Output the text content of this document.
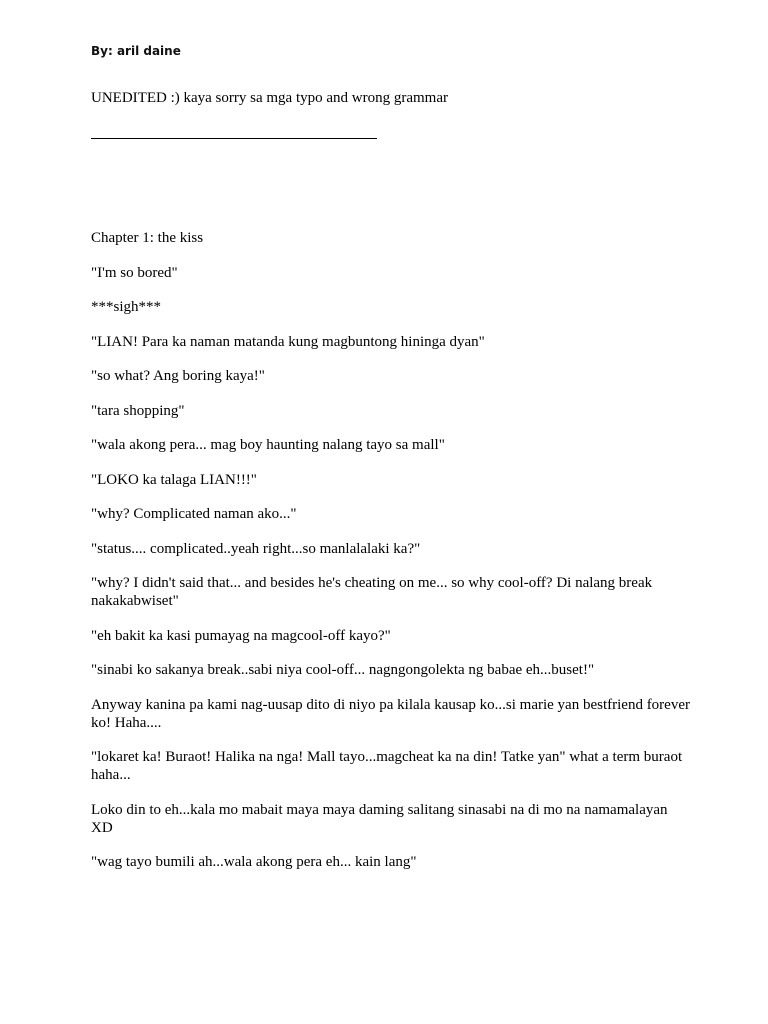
By: aril daine
UNEDITED :) kaya sorry sa mga typo and wrong grammar

Chapter 1: the kiss

"I'm so bored"

***sigh***

"LIAN! Para ka naman matanda kung magbuntong hininga dyan"

"so what? Ang boring kaya!"

"tara shopping"

"wala akong pera... mag boy haunting nalang tayo sa mall"

"LOKO ka talaga LIAN!!!"

"why? Complicated naman ako..."

"status.... complicated..yeah right...so manlalalaki ka?"

"why? I didn't said that... and besides he's cheating on me... so why cool-off? Di nalang break nakakabwiset"

"eh bakit ka kasi pumayag na magcool-off kayo?"

"sinabi ko sakanya break..sabi niya cool-off... nagngongolekta ng babae eh...buset!"

Anyway kanina pa kami nag-uusap dito di niyo pa kilala kausap ko...si marie yan bestfriend forever ko! Haha....

"lokaret ka! Buraot! Halika na nga! Mall tayo...magcheat ka na din! Tatke yan" what a term buraot haha...

Loko din to eh...kala mo mabait maya maya daming salitang sinasabi na di mo na namamalayan XD

"wag tayo bumili ah...wala akong pera eh... kain lang"
